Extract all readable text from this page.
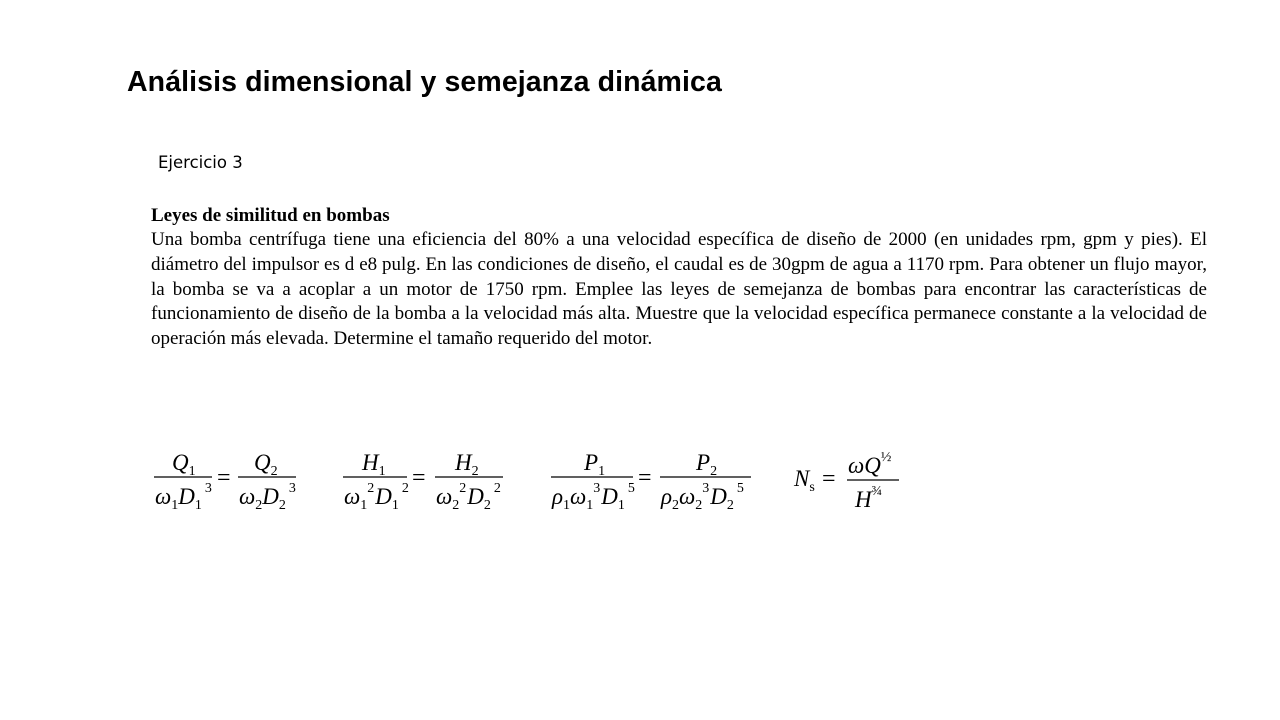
Análisis dimensional y semejanza dinámica
Ejercicio 3

Leyes de similitud en bombas

Una bomba centrífuga tiene una eficiencia del 80% a una velocidad específica de diseño de 2000 (en unidades rpm, gpm y pies). El diámetro del impulsor es d e8 pulg. En las condiciones de diseño, el caudal es de 30gpm de agua a 1170 rpm. Para obtener un flujo mayor, la bomba se va a acoplar a un motor de 1750 rpm. Emplee las leyes de semejanza de bombas para encontrar las características de funcionamiento de diseño de la bomba a la velocidad más alta. Muestre que la velocidad específica permanece constante a la velocidad de operación más elevada. Determine el tamaño requerido del motor.

$Q_1$
$\omega_1D_1^3$ =
$Q_2$
$\omega_2D_2^3$
$H_1$
$\omega_1^2D_1^2$ =
$H_2$
$\omega_2^2D_2^2$
$P_1$
$\rho_1\omega_1^3D_1^5$ =
$P_2$
$\rho_2\omega_2^3D_2^5$ $N_s$ =
$\omega Q^{\frac{1}{2}}$
$H^{\frac{3}{4}}$
